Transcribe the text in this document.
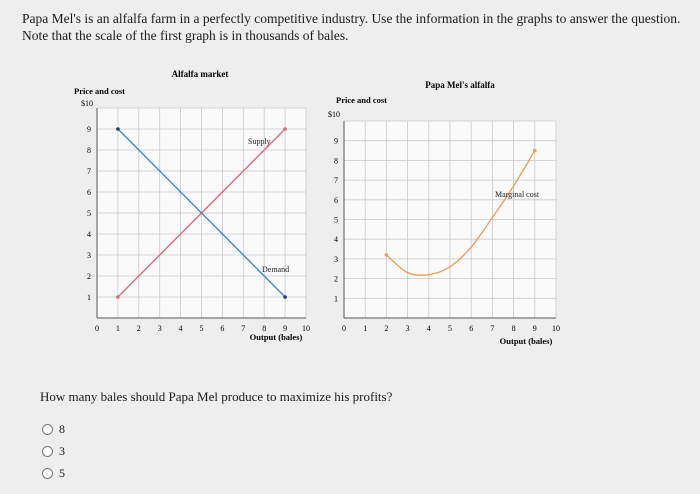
Papa Mel's is an alfalfa farm in a perfectly competitive industry. Use the information in the graphs to answer the question. Note that the scale of the first graph is in thousands of bales.
Alfalfa market
Price and cost
$10
Output (bales)
1
2
3
4
5
6
7
8
9
0 1 2 3 4 5 6 7 8 9 10
Supply
Demand
Papa Mel's alfalfa
Price and cost
$10
Output (bales)
1
2
3
4
5
6
7
8
9
0 1 2 3 4 5 6 7 8 9 10
Marginal cost
How many bales should Papa Mel produce to maximize his profits?
8
3
5
